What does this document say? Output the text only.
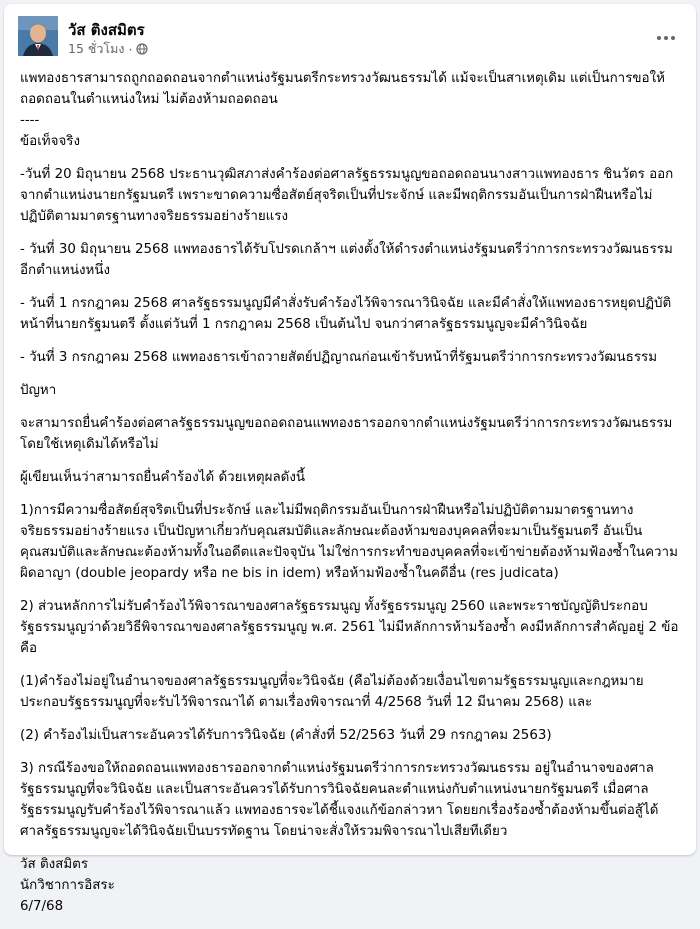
วัส ติงสมิตร
15 ชั่วโมง ·

แพทองธารสามารถถูกถอดถอนจากตำแหน่งรัฐมนตรีกระทรวงวัฒนธรรมได้ แม้จะเป็นสาเหตุเดิม แต่เป็นการขอให้ถอดถอนในตำแหน่งใหม่ ไม่ต้องห้ามถอดถอน
----
ข้อเท็จจริง

-วันที่ 20 มิถุนายน 2568 ประธานวุฒิสภาส่งคำร้องต่อศาลรัฐธรรมนูญขอถอดถอนนางสาวแพทองธาร ชินวัตร ออกจากตำแหน่งนายกรัฐมนตรี เพราะขาดความซื่อสัตย์สุจริตเป็นที่ประจักษ์ และมีพฤติกรรมอันเป็นการฝ่าฝืนหรือไม่ปฏิบัติตามมาตรฐานทางจริยธรรมอย่างร้ายแรง

- วันที่ 30 มิถุนายน 2568 แพทองธารได้รับโปรดเกล้าฯ แต่งตั้งให้ดำรงตำแหน่งรัฐมนตรีว่าการกระทรวงวัฒนธรรมอีกตำแหน่งหนึ่ง

- วันที่ 1 กรกฎาคม 2568 ศาลรัฐธรรมนูญมีคำสั่งรับคำร้องไว้พิจารณาวินิจฉัย และมีคำสั่งให้แพทองธารหยุดปฏิบัติหน้าที่นายกรัฐมนตรี ตั้งแต่วันที่ 1 กรกฎาคม 2568 เป็นต้นไป จนกว่าศาลรัฐธรรมนูญจะมีคำวินิจฉัย

- วันที่ 3 กรกฎาคม 2568 แพทองธารเข้าถวายสัตย์ปฏิญาณก่อนเข้ารับหน้าที่รัฐมนตรีว่าการกระทรวงวัฒนธรรม

ปัญหา

จะสามารถยื่นคำร้องต่อศาลรัฐธรรมนูญขอถอดถอนแพทองธารออกจากตำแหน่งรัฐมนตรีว่าการกระทรวงวัฒนธรรมโดยใช้เหตุเดิมได้หรือไม่

ผู้เขียนเห็นว่าสามารถยื่นคำร้องได้ ด้วยเหตุผลดังนี้

1)การมีความซื่อสัตย์สุจริตเป็นที่ประจักษ์ และไม่มีพฤติกรรมอันเป็นการฝ่าฝืนหรือไม่ปฏิบัติตามมาตรฐานทางจริยธรรมอย่างร้ายแรง เป็นปัญหาเกี่ยวกับคุณสมบัติและลักษณะต้องห้ามของบุคคลที่จะมาเป็นรัฐมนตรี อันเป็นคุณสมบัติและลักษณะต้องห้ามทั้งในอดีตและปัจจุบัน ไม่ใช่การกระทำของบุคคลที่จะเข้าข่ายต้องห้ามฟ้องซ้ำในความผิดอาญา (double jeopardy หรือ ne bis in idem) หรือห้ามฟ้องซ้ำในคดีอื่น (res judicata)

2) ส่วนหลักการไม่รับคำร้องไว้พิจารณาของศาลรัฐธรรมนูญ ทั้งรัฐธรรมนูญ 2560 และพระราชบัญญัติประกอบรัฐธรรมนูญว่าด้วยวิธีพิจารณาของศาลรัฐธรรมนูญ พ.ศ. 2561 ไม่มีหลักการห้ามร้องซ้ำ คงมีหลักการสำคัญอยู่ 2 ข้อ คือ

(1)คำร้องไม่อยู่ในอำนาจของศาลรัฐธรรมนูญที่จะวินิจฉัย (คือไม่ต้องด้วยเงื่อนไขตามรัฐธรรมนูญและกฎหมายประกอบรัฐธรรมนูญที่จะรับไว้พิจารณาได้ ตามเรื่องพิจารณาที่ 4/2568 วันที่ 12 มีนาคม 2568) และ

(2) คำร้องไม่เป็นสาระอันควรได้รับการวินิจฉัย (คำสั่งที่ 52/2563 วันที่ 29 กรกฎาคม 2563)

3) กรณีร้องขอให้ถอดถอนแพทองธารออกจากตำแหน่งรัฐมนตรีว่าการกระทรวงวัฒนธรรม อยู่ในอำนาจของศาลรัฐธรรมนูญที่จะวินิจฉัย และเป็นสาระอันควรได้รับการวินิจฉัยคนละตำแหน่งกับตำแหน่งนายกรัฐมนตรี เมื่อศาลรัฐธรรมนูญรับคำร้องไว้พิจารณาแล้ว แพทองธารจะได้ชี้แจงแก้ข้อกล่าวหา โดยยกเรื่องร้องซ้ำต้องห้ามขึ้นต่อสู้ได้ ศาลรัฐธรรมนูญจะได้วินิจฉัยเป็นบรรทัดฐาน โดยน่าจะสั่งให้รวมพิจารณาไปเสียทีเดียว

วัส ติงสมิตร
นักวิชาการอิสระ
6/7/68
